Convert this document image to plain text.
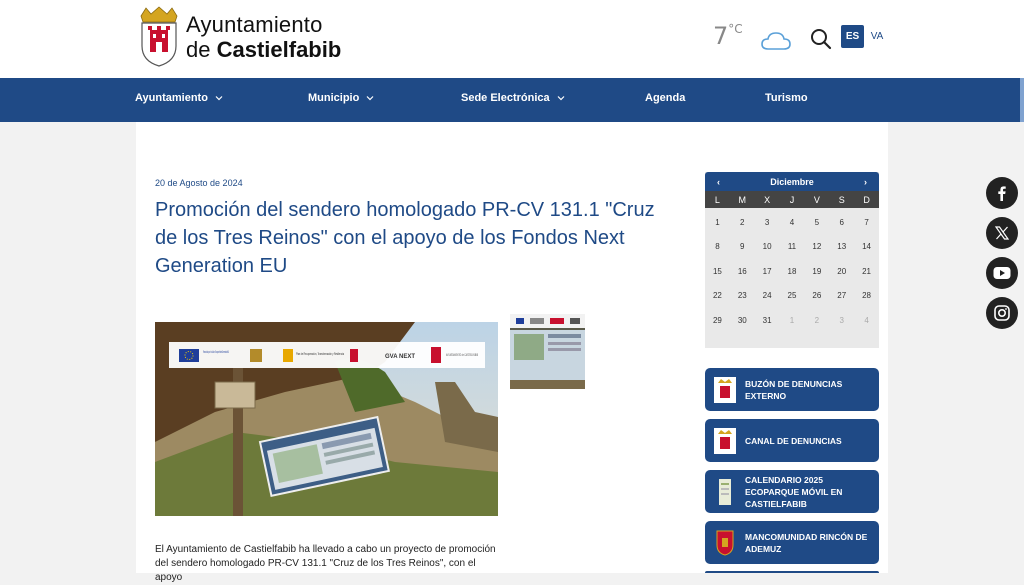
Ayuntamiento
de Castielfabib	$7^{^\circ C}$
ES	VA
Ayuntamiento	Municipio	Sede Electrónica	Agenda	Turismo
20 de Agosto de 2024
Promoción del sendero homologado PR-CV 131.1 "Cruz de los Tres Reinos" con el apoyo de los Fondos Next Generation EU
Financiado por la Unión Europea NextGenerationEU	Plan de Recuperación, Transformación y Resiliencia	GVA NEXT	AYUNTAMIENTO de CASTIELFABIB

El Ayuntamiento de Castielfabib ha llevado a cabo un proyecto de promoción del sendero homologado PR-CV 131.1 "Cruz de los Tres Reinos", con el apoyo

‹	Diciembre	›
L	M	X	J	V	S	D
1	2	3	4	5	6	7
8	9	10	11	12	13	14
15	16	17	18	19	20	21
22	23	24	25	26	27	28
29	30	31	1	2	3	4
BUZÓN DE DENUNCIAS EXTERNO
CANAL DE DENUNCIAS
CALENDARIO 2025 ECOPARQUE MÓVIL EN CASTIELFABIB
MANCOMUNIDAD RINCÓN DE ADEMUZ
